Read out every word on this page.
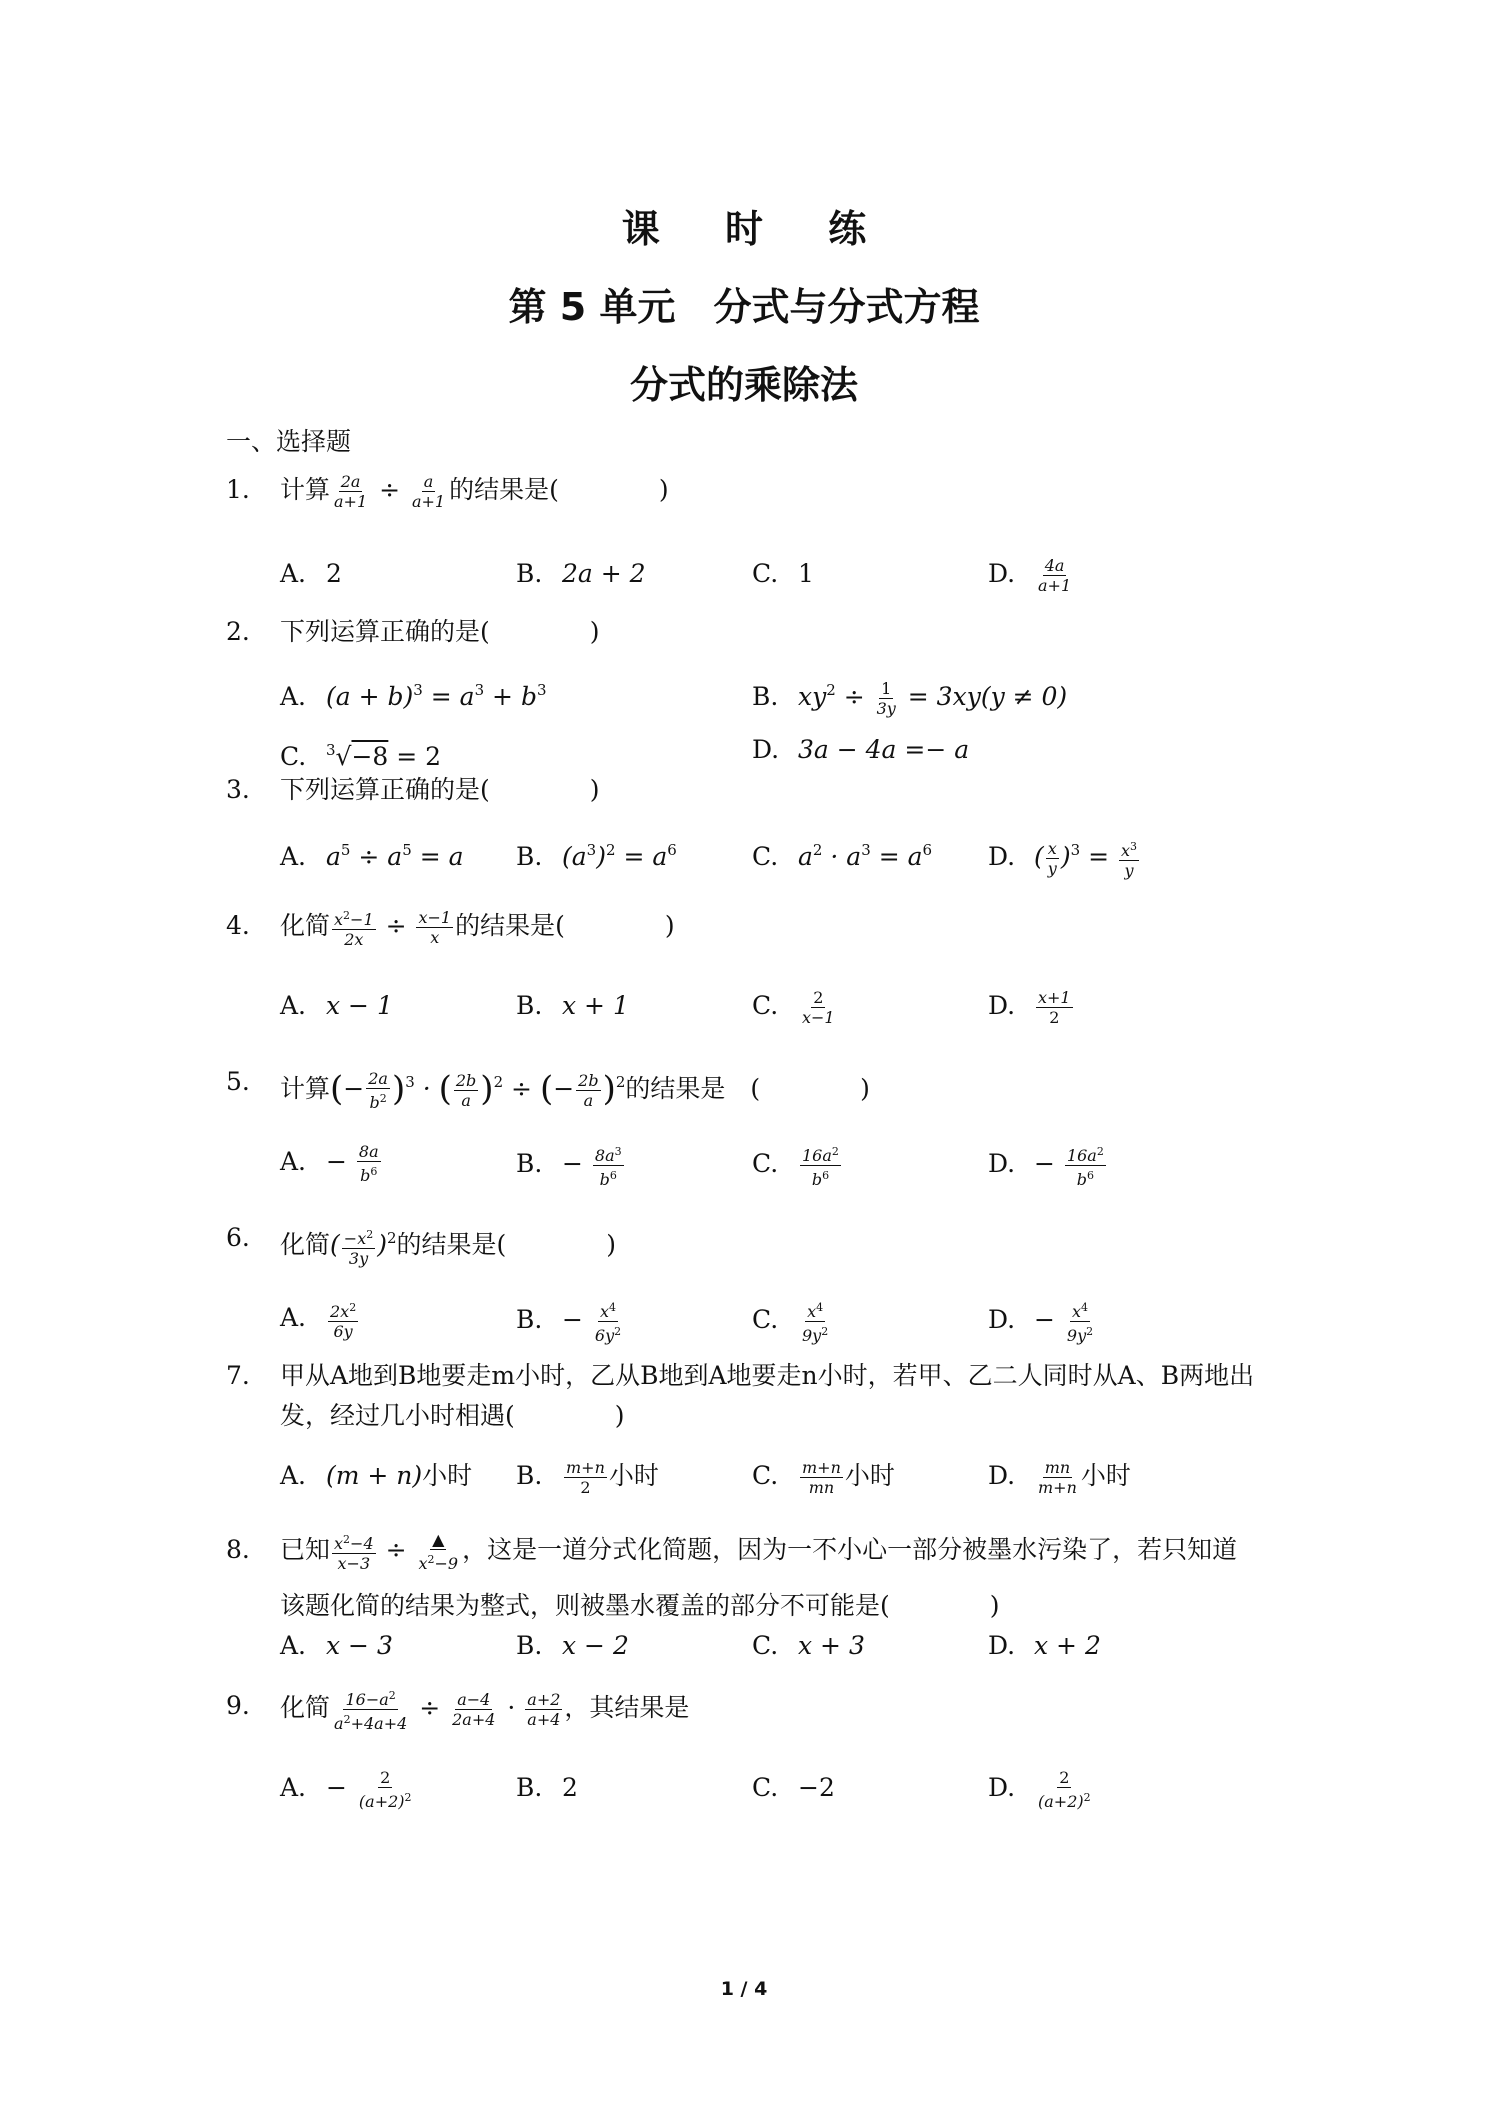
课 时 练
第 5 单元　分式与分式方程
分式的乘除法
一、选择题
1.	计算 $\frac{2a}{a+1} \div \frac{a}{a+1}$ 的结果是(　　　　)
A. 2	B. 2a + 2	C. 1	D. $\frac{4a}{a+1}$
2.	下列运算正确的是(　　　　)
A. $(a + b)^3 = a^3 + b^3$	B. $xy^2 \div \frac{1}{3y} = 3xy(y \ne 0)$
C. $^3$√−8 = 2	D. 3a − 4a =− a
3.	下列运算正确的是(　　　　)
A. $a^5 \div a^5 = a$ B. $(a^3)^2 = a^6$	C. $a^2 \cdot a^3 = a^6$ D. ( $\frac{x}{y} )^3 = \frac{x^3}{y}$
4.	化简 $\frac{x^2-1}{2x} \div \frac{x-1}{x}$ 的结果是(　　　　)
A. x − 1	B. x + 1	C. $\frac{2}{x-1}$	D. $\frac{x+1}{2}$
5.	计算(− $\frac{2a}{b^2} )^3$ · ( $\frac{2b}{a} )^2$ ÷ (− $\frac{2b}{a} )^2$的结果是　(　　　　)
A. − $\frac{8a}{b^6}$	B. − $\frac{8a^3}{b^6}$	C. $\frac{16a^2}{b^6}$	D. − $\frac{16a^2}{b^6}$
6.	化简( $\frac{-x^2}{3y} )^2$的结果是(　　　　)
A. $\frac{2x^2}{6y}$	B. − $\frac{x^4}{6y^2}$	C. $\frac{x^4}{9y^2}$	D. − $\frac{x^4}{9y^2}$
7.	甲从A地到B地要走m小时，乙从B地到A地要走n小时，若甲、乙二人同时从A、B两地出发，经过几小时相遇(　　　　)
A. (m + n)小时 B. $\frac{m+n}{2}$ 小时	C. $\frac{m+n}{mn}$ 小时	D. $\frac{mn}{m+n}$ 小时
8.	已知 $\frac{x^2-4}{x-3} \div \frac{▲}{x^2-9}$ ，这是一道分式化简题，因为一不小心一部分被墨水污染了，若只知道
该题化简的结果为整式，则被墨水覆盖的部分不可能是(　　　　)
A. x − 3	B. x − 2	C. x + 3	D. x + 2
9.	化简 $\frac{16-a^2}{a^2+4a+4} \div \frac{a-4}{2a+4} \cdot \frac{a+2}{a+4}$ ，其结果是
A. − $\frac{2}{(a+2)^2}$	B. 2	C. −2	D. $\frac{2}{(a+2)^2}$
1 / 4
